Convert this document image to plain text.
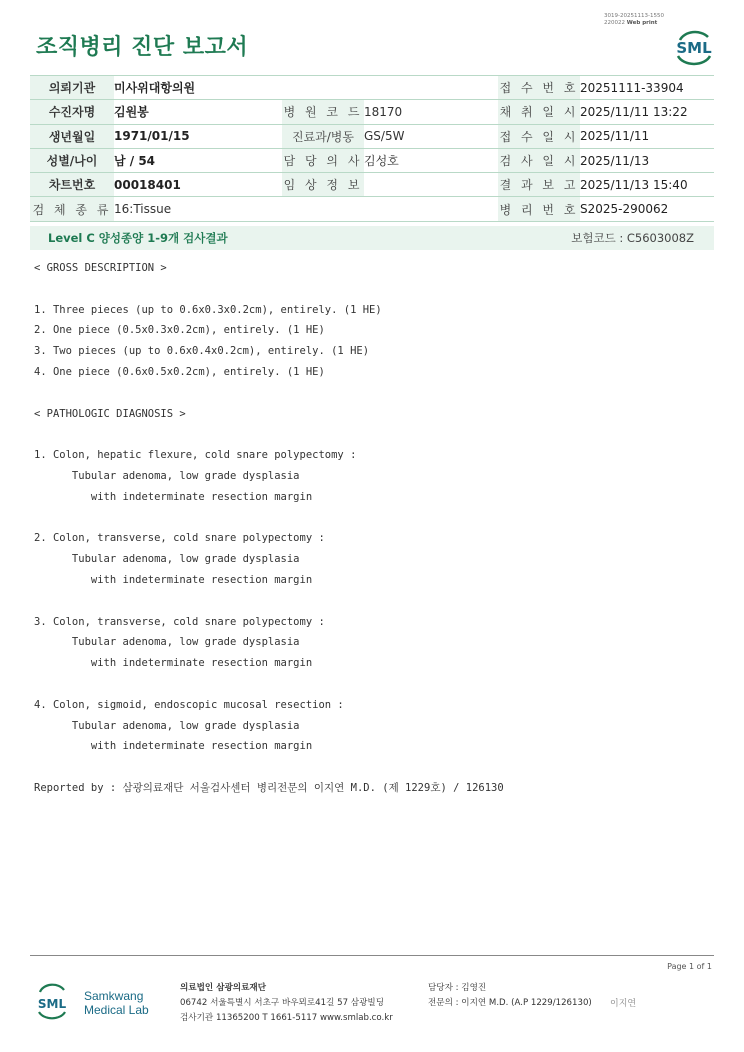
조직병리 진단 보고서
3019-20251113-1550
220022 Web print
SML
의뢰기관	미사위대항의원			접 수 번 호	20251111-33904
수진자명	김원봉	병 원 코 드	18170	채 취 일 시	2025/11/11 13:22
생년월일	1971/01/15	진료과/병동	GS/5W	접 수 일 시	2025/11/11
성별/나이	남 / 54	담 당 의 사	김성호	검 사 일 시	2025/11/13
차트번호	00018401	임 상 정 보		결 과 보 고	2025/11/13 15:40
검 체 종 류	16:Tissue			병 리 번 호	S2025-290062
Level C 양성종양 1-9개 검사결과	보험코드 : C5603008Z
< GROSS DESCRIPTION >

1. Three pieces (up to 0.6x0.3x0.2cm), entirely. (1 HE)
2. One piece (0.5x0.3x0.2cm), entirely. (1 HE)
3. Two pieces (up to 0.6x0.4x0.2cm), entirely. (1 HE)
4. One piece (0.6x0.5x0.2cm), entirely. (1 HE)

< PATHOLOGIC DIAGNOSIS >

1. Colon, hepatic flexure, cold snare polypectomy :
Tubular adenoma, low grade dysplasia
with indeterminate resection margin

2. Colon, transverse, cold snare polypectomy :
Tubular adenoma, low grade dysplasia
with indeterminate resection margin

3. Colon, transverse, cold snare polypectomy :
Tubular adenoma, low grade dysplasia
with indeterminate resection margin

4. Colon, sigmoid, endoscopic mucosal resection :
Tubular adenoma, low grade dysplasia
with indeterminate resection margin

Reported by : 삼광의료재단 서울검사센터 병리전문의 이지연 M.D. (제 1229호) / 126130
Page 1 of 1
SML
Samkwang
Medical Lab
의료법인 삼광의료재단
06742 서울특별시 서초구 바우뫼로41길 57 삼광빌딩
검사기관 11365200 T 1661-5117 www.smlab.co.kr
담당자 : 김영진
전문의 : 이지연 M.D. (A.P 1229/126130) 이지연
